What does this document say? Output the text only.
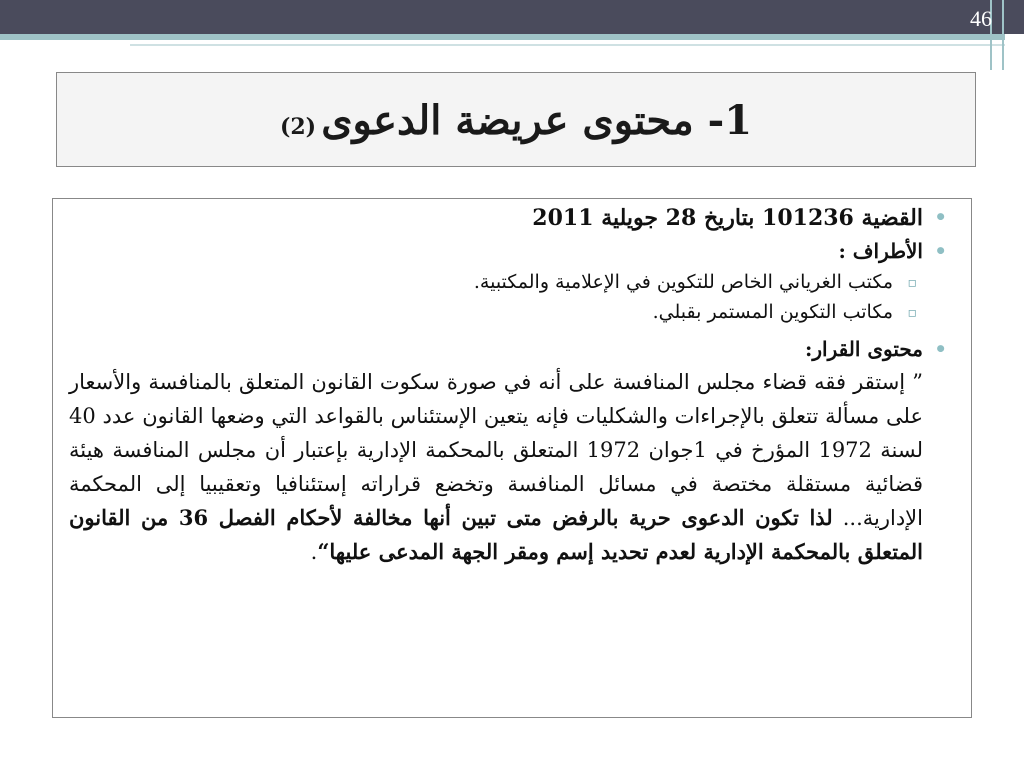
46
1- محتوى عريضة الدعوى (2)
•
القضية 101236 بتاريخ 28 جويلية 2011
•
الأطراف :
▫
مكتب الغرياني الخاص للتكوين في الإعلامية والمكتبية.
▫
مكاتب التكوين المستمر بقبلي.
•
محتوى القرار:
” إستقر فقه قضاء مجلس المنافسة على أنه في صورة سكوت القانون المتعلق بالمنافسة والأسعار على مسألة تتعلق بالإجراءات والشكليات فإنه يتعين الإستئناس بالقواعد التي وضعها القانون عدد 40 لسنة 1972 المؤرخ في 1جوان 1972 المتعلق بالمحكمة الإدارية بإعتبار أن مجلس المنافسة هيئة قضائية مستقلة مختصة في مسائل المنافسة وتخضع قراراته إستئنافيا وتعقيبيا إلى المحكمة الإدارية... لذا تكون الدعوى حرية بالرفض متى تبين أنها مخالفة لأحكام الفصل 36 من القانون المتعلق بالمحكمة الإدارية لعدم تحديد إسم ومقر الجهة المدعى عليها“.
